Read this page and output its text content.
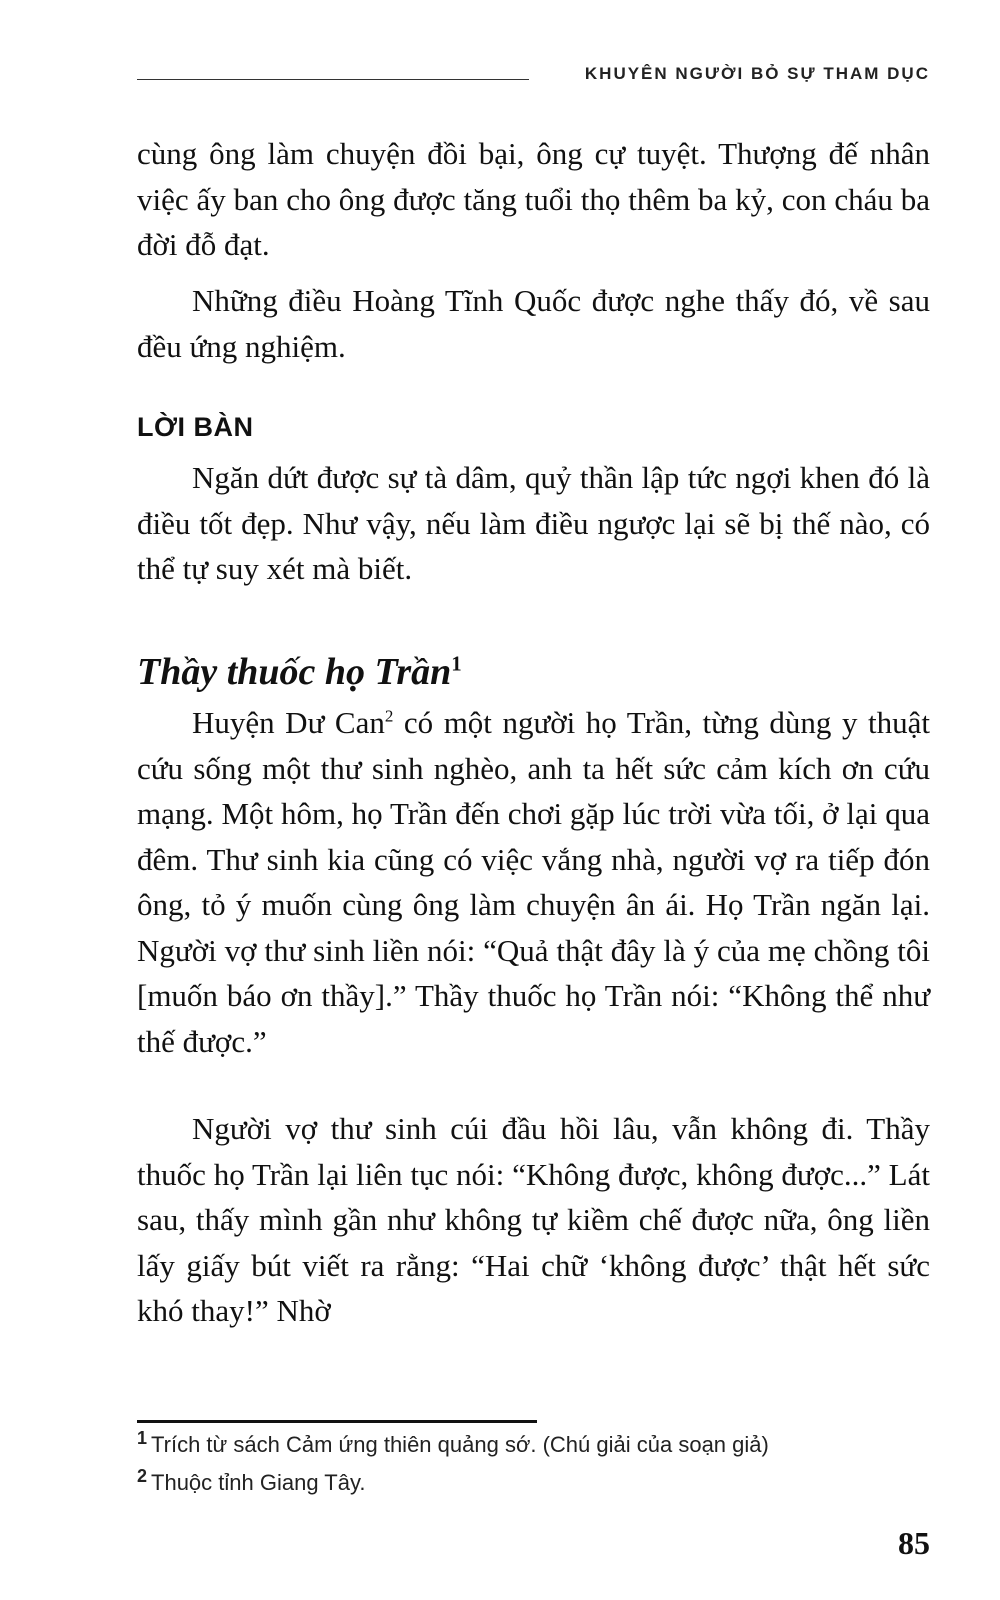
KHUYÊN NGƯỜI BỎ SỰ THAM DỤC

cùng ông làm chuyện đồi bại, ông cự tuyệt. Thượng đế nhân việc ấy ban cho ông được tăng tuổi thọ thêm ba kỷ, con cháu ba đời đỗ đạt.

Những điều Hoàng Tĩnh Quốc được nghe thấy đó, về sau đều ứng nghiệm.

LỜI BÀN

Ngăn dứt được sự tà dâm, quỷ thần lập tức ngợi khen đó là điều tốt đẹp. Như vậy, nếu làm điều ngược lại sẽ bị thế nào, có thể tự suy xét mà biết.

Thầy thuốc họ Trần$^1$

Huyện Dư Can$^2$ có một người họ Trần, từng dùng y thuật cứu sống một thư sinh nghèo, anh ta hết sức cảm kích ơn cứu mạng. Một hôm, họ Trần đến chơi gặp lúc trời vừa tối, ở lại qua đêm. Thư sinh kia cũng có việc vắng nhà, người vợ ra tiếp đón ông, tỏ ý muốn cùng ông làm chuyện ân ái. Họ Trần ngăn lại. Người vợ thư sinh liền nói: “Quả thật đây là ý của mẹ chồng tôi [muốn báo ơn thầy].” Thầy thuốc họ Trần nói: “Không thể như thế được.”

Người vợ thư sinh cúi đầu hồi lâu, vẫn không đi. Thầy thuốc họ Trần lại liên tục nói: “Không được, không được...” Lát sau, thấy mình gần như không tự kiềm chế được nữa, ông liền lấy giấy bút viết ra rằng: “Hai chữ ‘không được’ thật hết sức khó thay!” Nhờ

$^1$ Trích từ sách Cảm ứng thiên quảng sớ. (Chú giải của soạn giả)

$^2$ Thuộc tỉnh Giang Tây.

85
